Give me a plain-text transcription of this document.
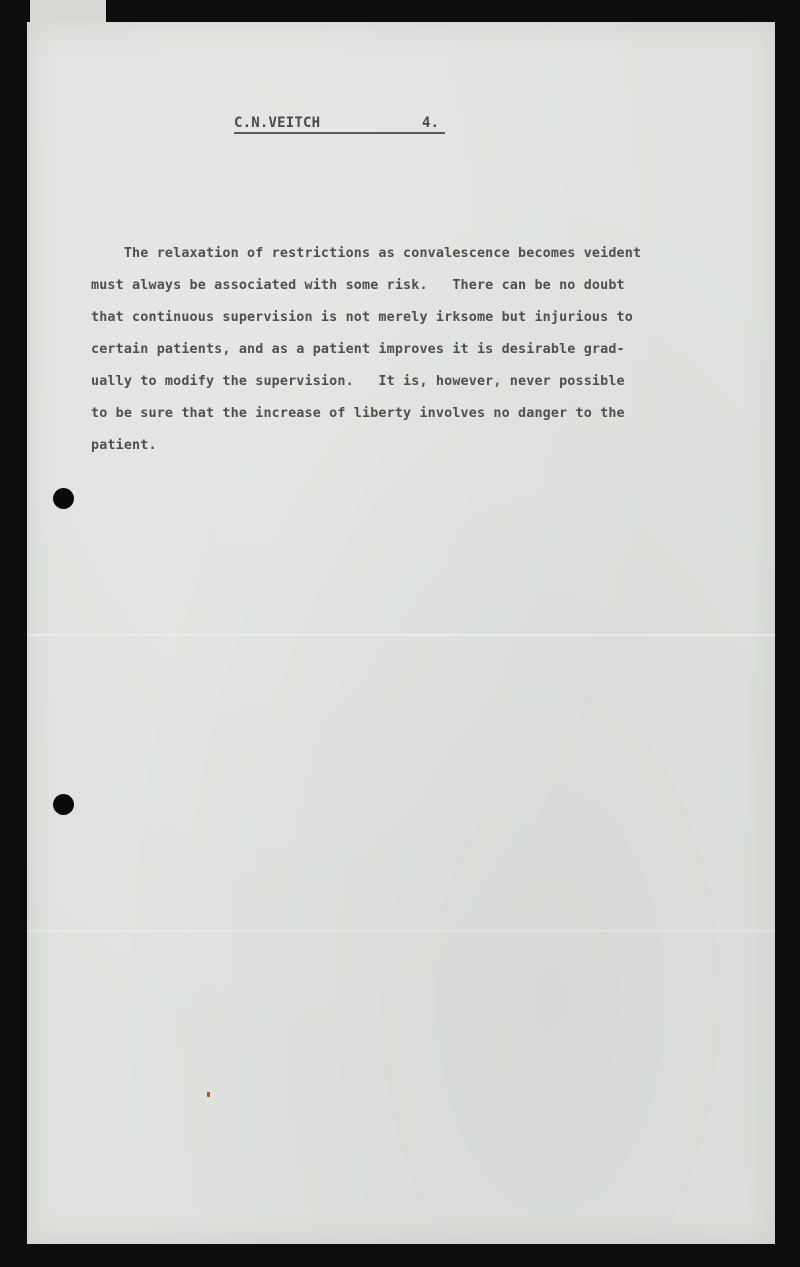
C.N.VEITCH	4.
The relaxation of restrictions as convalescence becomes veident
must always be associated with some risk.   There can be no doubt
that continuous supervision is not merely irksome but injurious to
certain patients, and as a patient improves it is desirable grad-
ually to modify the supervision.   It is, however, never possible
to be sure that the increase of liberty involves no danger to the
patient.
